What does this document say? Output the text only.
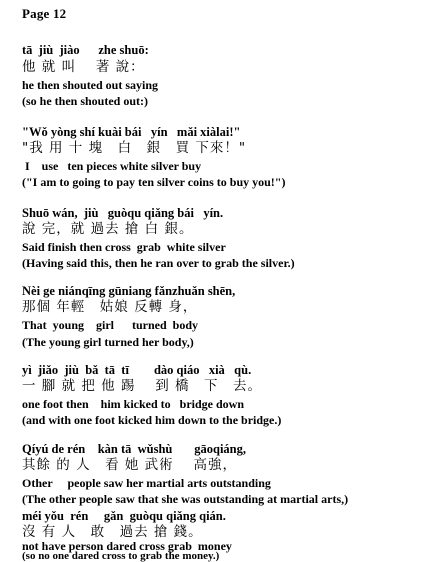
Page 12
tā  jiù  jiào      zhe shuō:
他 就 叫　 著 說：
he then shouted out saying
(so he then shouted out:)
"Wǒ yòng shí kuài bái   yín   mǎi xiàlai!"
"我 用 十 塊　白　銀　買 下來！"
I    use   ten pieces white silver buy
("I am to going to pay ten silver coins to buy you!")
Shuō wán,  jiù   guòqu qiǎng bái   yín.
說 完，就 過去 搶 白 銀。
Said finish then cross  grab  white silver
(Having said this, then he ran over to grab the silver.)
Nèi ge niánqīng gūniang fǎnzhuǎn shēn,
那個 年輕　姑娘 反轉 身，
That  young    girl      turned  body
(The young girl turned her body,)
yì  jiǎo  jiù  bǎ  tā  tī        dào qiáo   xià   qù.
一 腳 就 把 他 踢　 到 橋　下　去。
one foot then    him kicked to   bridge down
(and with one foot kicked him down to the bridge.)
Qíyú de rén    kàn tā  wǔshù       gāoqiáng,
其餘 的 人　看 她 武術　 高強，
Other     people saw her martial arts outstanding
(The other people saw that she was outstanding at martial arts,)
méi yǒu  rén     gǎn  guòqu qiǎng qián.
沒 有 人　敢　過去 搶 錢。
not have person dared cross grab  money
(so no one dared cross to grab the money.)
